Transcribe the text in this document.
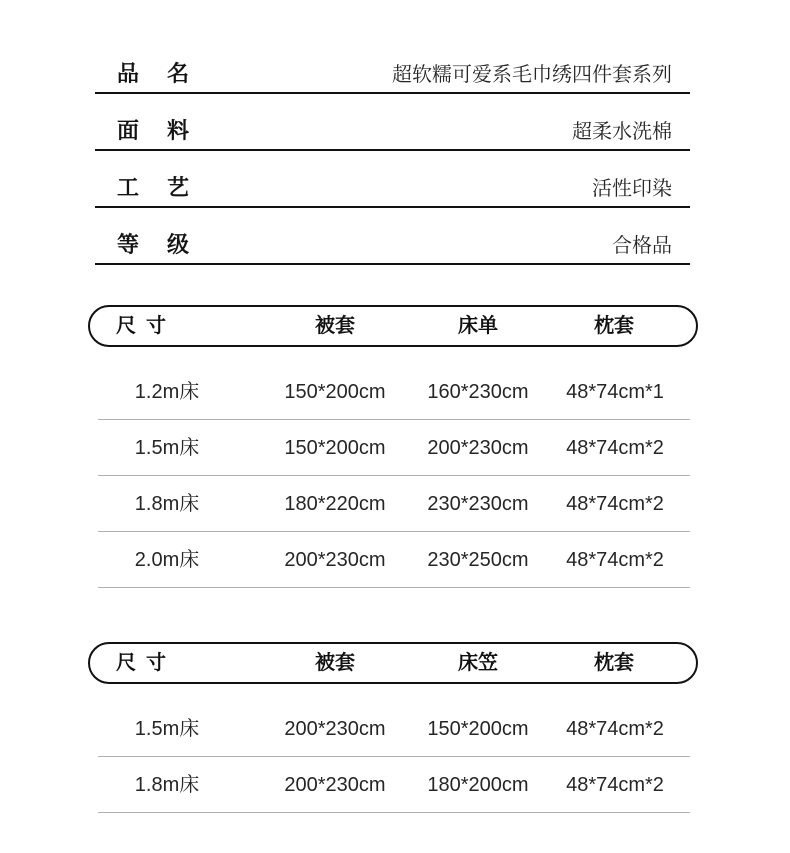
品名	超软糯可爱系毛巾绣四件套系列
面料	超柔水洗棉
工艺	活性印染
等级	合格品
尺寸	被套	床单	枕套
1.2m床	150*200cm	160*230cm	48*74cm*1
1.5m床	150*200cm	200*230cm	48*74cm*2
1.8m床	180*220cm	230*230cm	48*74cm*2
2.0m床	200*230cm	230*250cm	48*74cm*2
尺寸	被套	床笠	枕套
1.5m床	200*230cm	150*200cm	48*74cm*2
1.8m床	200*230cm	180*200cm	48*74cm*2
